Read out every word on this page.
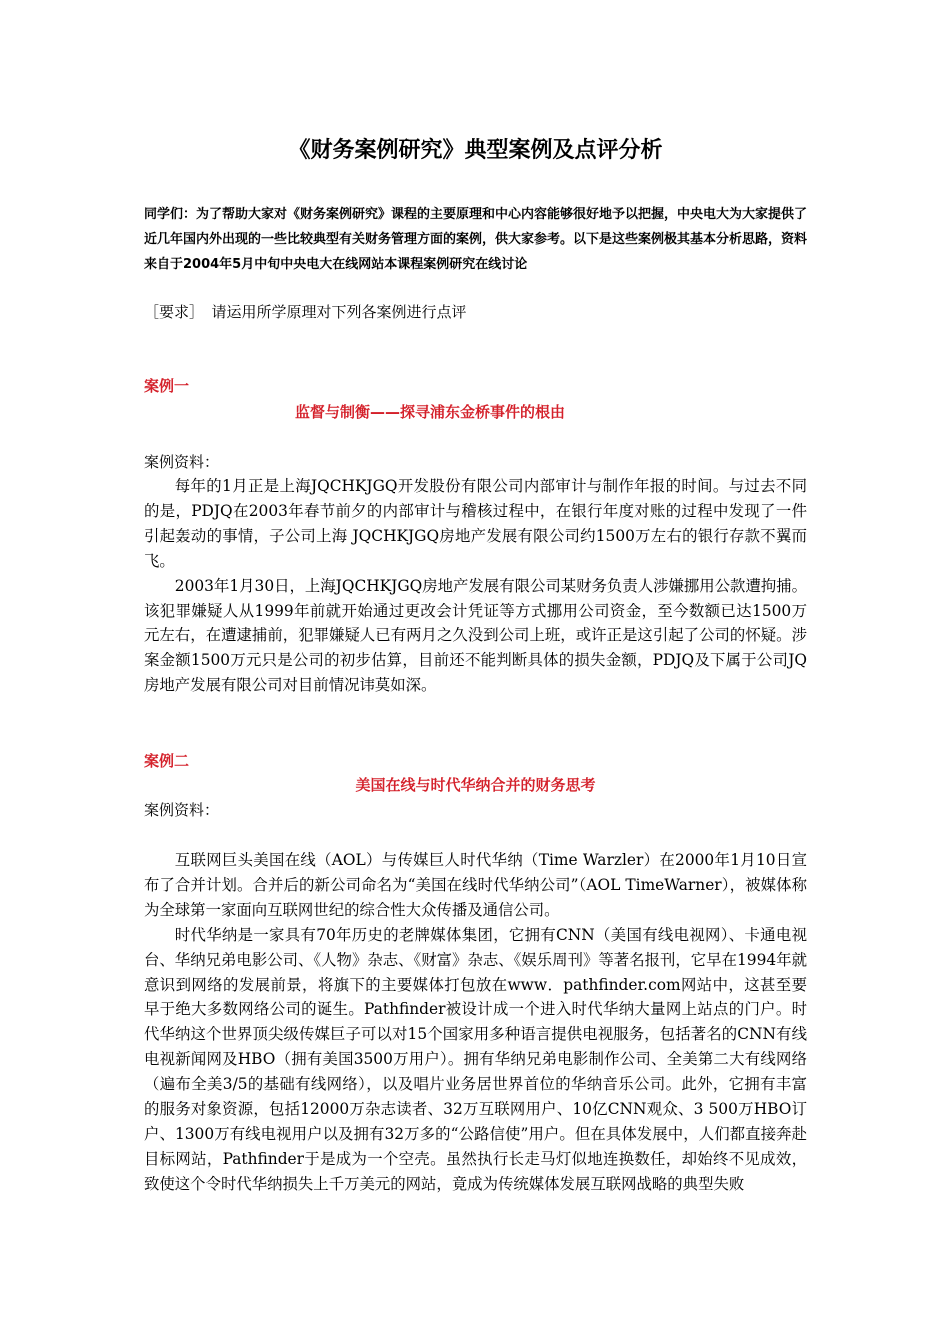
《财务案例研究》典型案例及点评分析
同学们：为了帮助大家对《财务案例研究》课程的主要原理和中心内容能够很好地予以把握，中央电大为大家提供了近几年国内外出现的一些比较典型有关财务管理方面的案例，供大家参考。以下是这些案例极其基本分析思路，资料来自于2004年5月中旬中央电大在线网站本课程案例研究在线讨论
［要求］　请运用所学原理对下列各案例进行点评
案例一
监督与制衡——探寻浦东金桥事件的根由
案例资料：

每年的1月正是上海JQCHKJGQ开发股份有限公司内部审计与制作年报的时间。与过去不同的是，PDJQ在2003年春节前夕的内部审计与稽核过程中，在银行年度对账的过程中发现了一件引起轰动的事情，子公司上海 JQCHKJGQ房地产发展有限公司约1500万左右的银行存款不翼而飞。

2003年1月30日，上海JQCHKJGQ房地产发展有限公司某财务负责人涉嫌挪用公款遭拘捕。该犯罪嫌疑人从1999年前就开始通过更改会计凭证等方式挪用公司资金，至今数额已达1500万元左右，在遭逮捕前，犯罪嫌疑人已有两月之久没到公司上班，或许正是这引起了公司的怀疑。涉案金额1500万元只是公司的初步估算，目前还不能判断具体的损失金额，PDJQ及下属于公司JQ房地产发展有限公司对目前情况讳莫如深。

案例二
美国在线与时代华纳合并的财务思考
案例资料：

互联网巨头美国在线（AOL）与传媒巨人时代华纳（Time Warzler）在2000年1月10日宣布了合并计划。合并后的新公司命名为“美国在线时代华纳公司”（AOL TimeWarner），被媒体称为全球第一家面向互联网世纪的综合性大众传播及通信公司。

时代华纳是一家具有70年历史的老牌媒体集团，它拥有CNN（美国有线电视网）、卡通电视台、华纳兄弟电影公司、《人物》杂志、《财富》杂志、《娱乐周刊》等著名报刊，它早在1994年就意识到网络的发展前景，将旗下的主要媒体打包放在www．pathfinder.com网站中，这甚至要早于绝大多数网络公司的诞生。Pathfinder被设计成一个进入时代华纳大量网上站点的门户。时代华纳这个世界顶尖级传媒巨子可以对15个国家用多种语言提供电视服务，包括著名的CNN有线电视新闻网及HBO（拥有美国3500万用户）。拥有华纳兄弟电影制作公司、全美第二大有线网络（遍布全美3/5的基础有线网络），以及唱片业务居世界首位的华纳音乐公司。此外，它拥有丰富的服务对象资源，包括12000万杂志读者、32万互联网用户、10亿CNN观众、3 500万HBO订户、1300万有线电视用户以及拥有32万多的“公路信使”用户。但在具体发展中，人们都直接奔赴目标网站，Pathfinder于是成为一个空壳。虽然执行长走马灯似地连换数任，却始终不见成效，致使这个令时代华纳损失上千万美元的网站，竟成为传统媒体发展互联网战略的典型失败
